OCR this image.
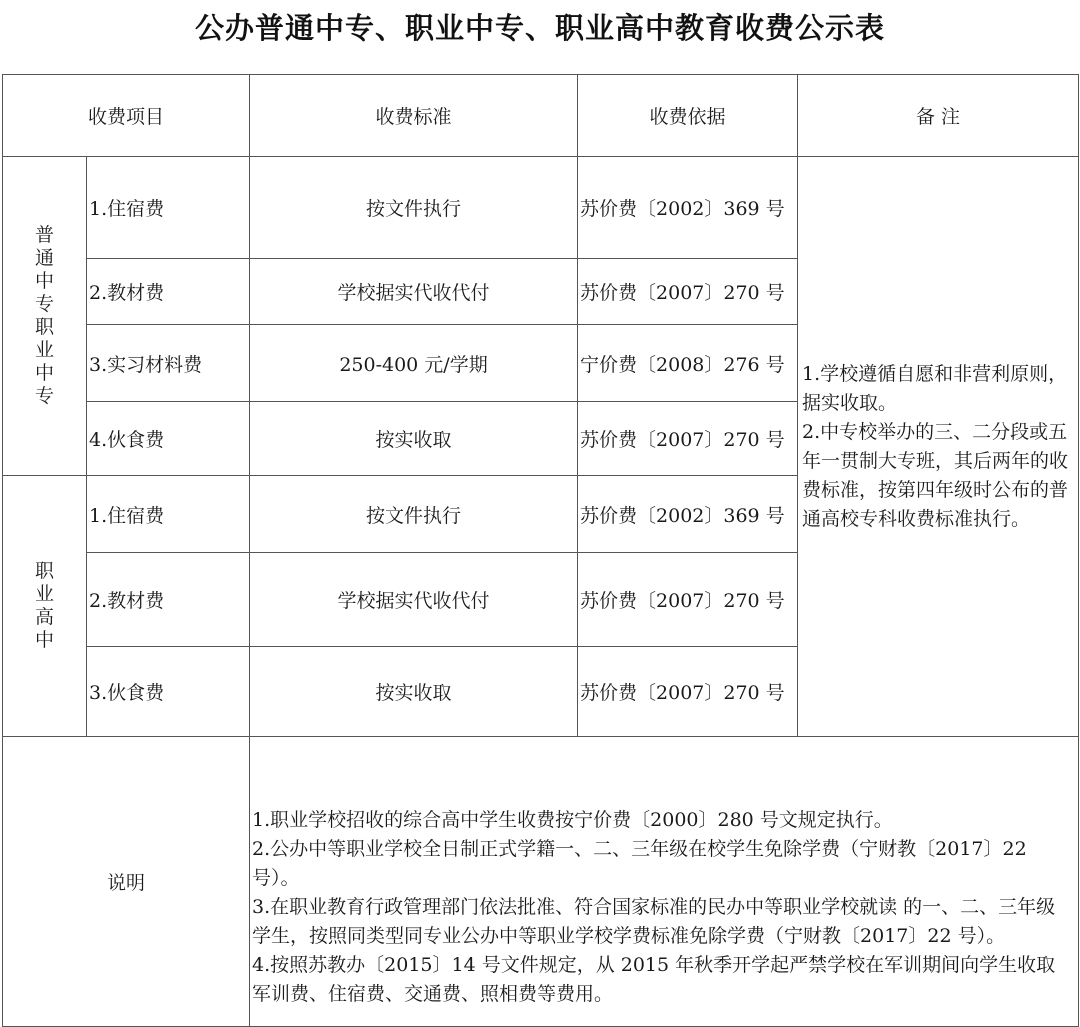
公办普通中专、职业中专、职业高中教育收费公示表
收费项目		收费标准	收费依据	备 注
普通中专职业中专	1.住宿费	按文件执行	苏价费〔2002〕369 号	1.学校遵循自愿和非营利原则，据实收取。

2.中专校举办的三、二分段或五年一贯制大专班，其后两年的收费标准，按第四年级时公布的普通高校专科收费标准执行。

	2.教材费	学校据实代收代付	苏价费〔2007〕270 号	
	3.实习材料费	250-400 元/学期	宁价费〔2008〕276 号	
	4.伙食费	按实收取	苏价费〔2007〕270 号	
职业高中	1.住宿费	按文件执行	苏价费〔2002〕369 号	
	2.教材费	学校据实代收代付	苏价费〔2007〕270 号	
	3.伙食费	按实收取	苏价费〔2007〕270 号	
说明		1.职业学校招收的综合高中学生收费按宁价费〔2000〕280 号文规定执行。

2.公办中等职业学校全日制正式学籍一、二、三年级在校学生免除学费（宁财教〔2017〕22 号）。

3.在职业教育行政管理部门依法批准、符合国家标准的民办中等职业学校就读 的一、二、三年级学生，按照同类型同专业公办中等职业学校学费标准免除学费（宁财教〔2017〕22 号）。

4.按照苏教办〔2015〕14 号文件规定，从 2015 年秋季开学起严禁学校在军训期间向学生收取军训费、住宿费、交通费、照相费等费用。		
